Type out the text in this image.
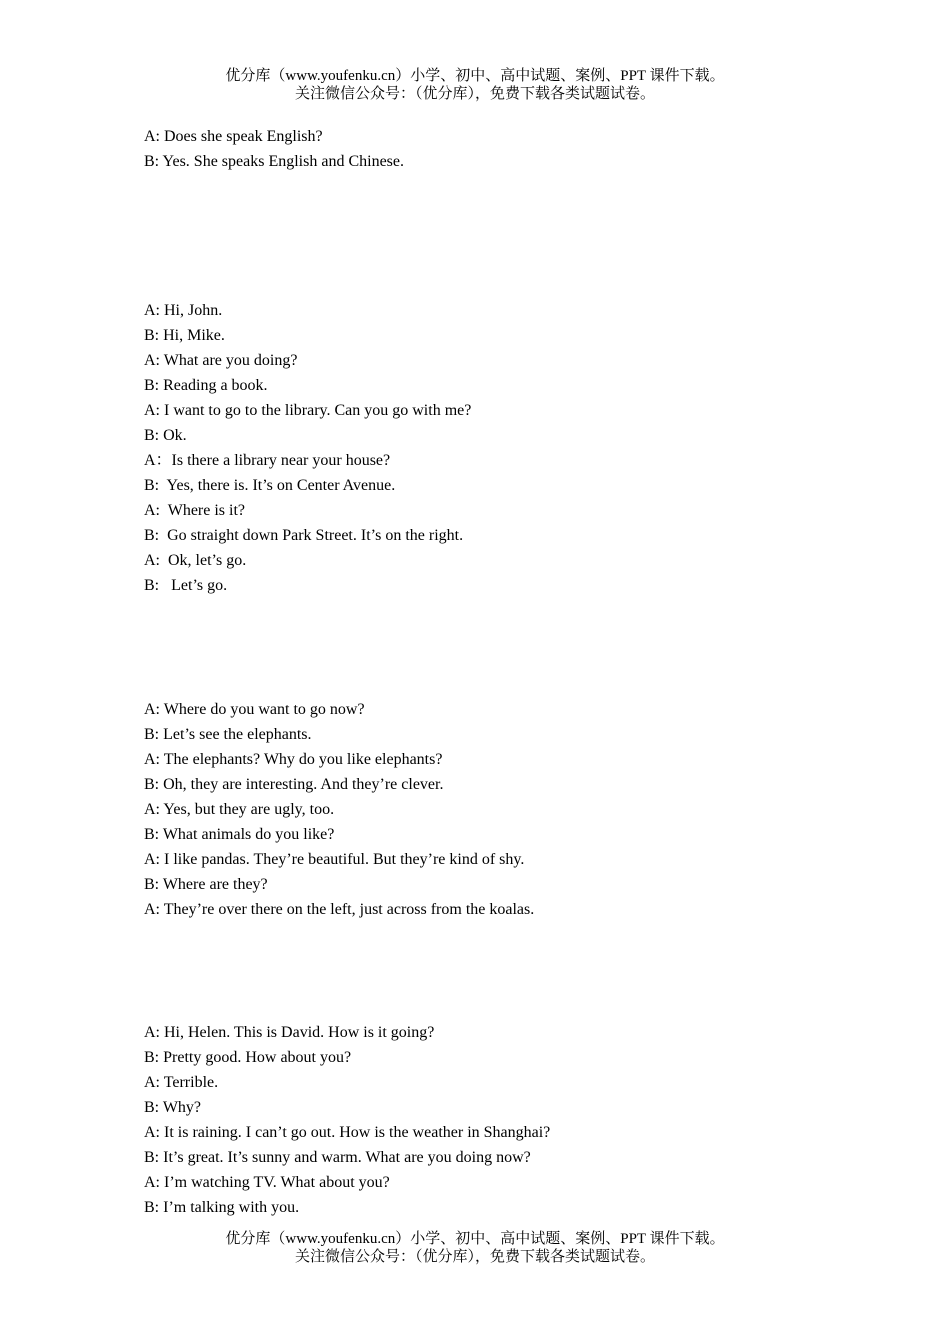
优分库（www.youfenku.cn）小学、初中、高中试题、案例、PPT 课件下载。
关注微信公众号：（优分库），免费下载各类试题试卷。
A: Does she speak English?
B: Yes. She speaks English and Chinese.
A: Hi, John.
B: Hi, Mike.
A: What are you doing?
B: Reading a book.
A: I want to go to the library. Can you go with me?
B: Ok.
A：Is there a library near your house?
B:  Yes, there is. It’s on Center Avenue.
A:  Where is it?
B:  Go straight down Park Street. It’s on the right.
A:  Ok, let’s go.
B:   Let’s go.
A: Where do you want to go now?
B: Let’s see the elephants.
A: The elephants? Why do you like elephants?
B: Oh, they are interesting. And they’re clever.
A: Yes, but they are ugly, too.
B: What animals do you like?
A: I like pandas. They’re beautiful. But they’re kind of shy.
B: Where are they?
A: They’re over there on the left, just across from the koalas.
A: Hi, Helen. This is David. How is it going?
B: Pretty good. How about you?
A: Terrible.
B: Why?
A: It is raining. I can’t go out. How is the weather in Shanghai?
B: It’s great. It’s sunny and warm. What are you doing now?
A: I’m watching TV. What about you?
B: I’m talking with you.
优分库（www.youfenku.cn）小学、初中、高中试题、案例、PPT 课件下载。
关注微信公众号：（优分库），免费下载各类试题试卷。
